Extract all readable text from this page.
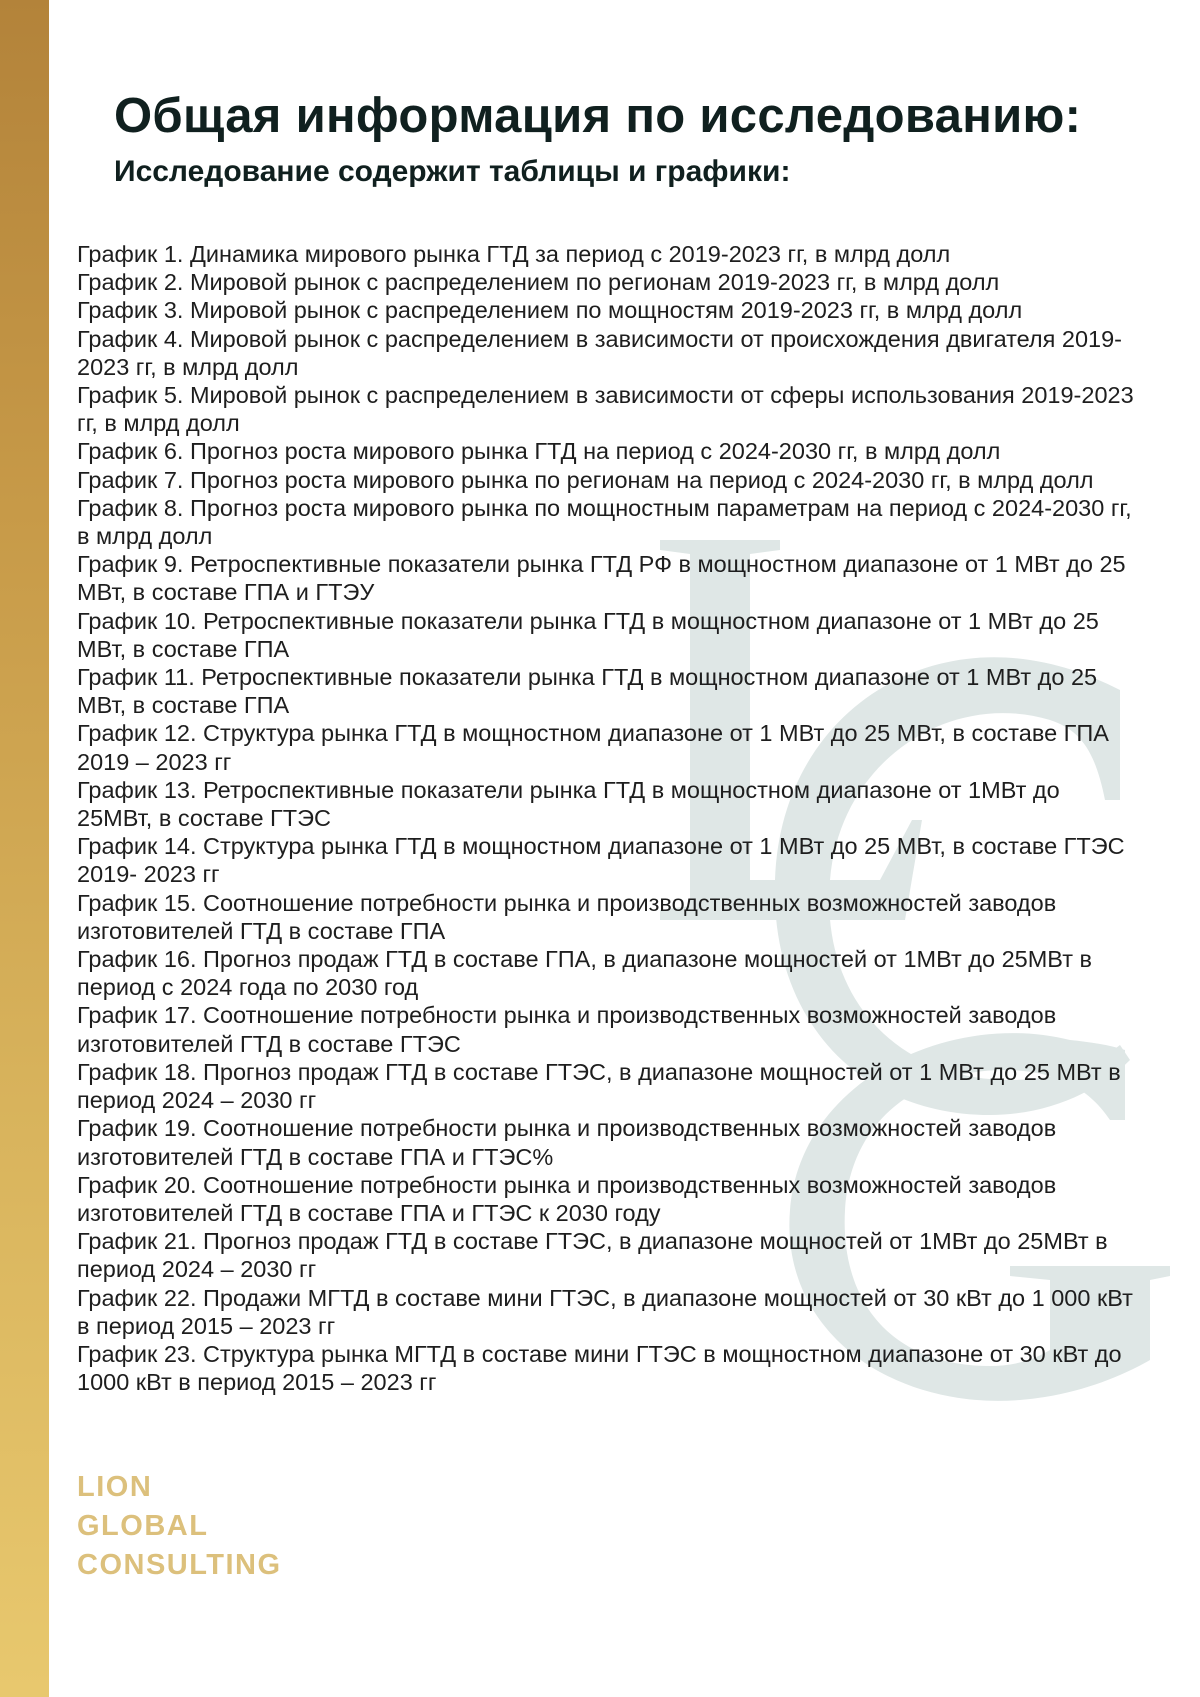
Общая информация по исследованию:
Исследование содержит таблицы и графики:
График 1. Динамика мирового рынка ГТД за период с 2019-2023 гг, в млрд долл
График 2. Мировой рынок с распределением по регионам 2019-2023 гг, в млрд долл
График 3. Мировой рынок с распределением по мощностям 2019-2023 гг, в млрд долл
График 4. Мировой рынок с распределением в зависимости от происхождения двигателя 2019-2023 гг, в млрд долл
График 5. Мировой рынок с распределением в зависимости от сферы использования 2019-2023 гг, в млрд долл
График 6. Прогноз роста мирового рынка ГТД на период с 2024-2030 гг, в млрд долл
График 7. Прогноз роста мирового рынка по регионам на период с 2024-2030 гг, в млрд долл
График 8. Прогноз роста мирового рынка по мощностным параметрам на период с 2024-2030 гг, в млрд долл
График 9. Ретроспективные показатели рынка ГТД РФ в мощностном диапазоне от 1 МВт до 25 МВт, в составе ГПА и ГТЭУ
График 10. Ретроспективные показатели рынка ГТД в мощностном диапазоне от 1 МВт до 25 МВт, в составе ГПА
График 11. Ретроспективные показатели рынка ГТД в мощностном диапазоне от 1 МВт до 25 МВт, в составе ГПА
График 12. Структура рынка ГТД в мощностном диапазоне от 1 МВт до 25 МВт, в составе ГПА 2019 – 2023 гг
График 13. Ретроспективные показатели рынка ГТД в мощностном диапазоне от 1МВт до 25МВт, в составе ГТЭС
График 14. Структура рынка ГТД в мощностном диапазоне от 1 МВт до 25 МВт, в составе ГТЭС 2019- 2023 гг
График 15. Соотношение потребности рынка и производственных возможностей заводов изготовителей ГТД в составе ГПА
График 16. Прогноз продаж ГТД в составе ГПА, в диапазоне мощностей от 1МВт до 25МВт в период с 2024 года по 2030 год
График 17. Соотношение потребности рынка и производственных возможностей заводов изготовителей ГТД в составе ГТЭС
График 18. Прогноз продаж ГТД в составе ГТЭС, в диапазоне мощностей от 1 МВт до 25 МВт в период 2024 – 2030 гг
График 19. Соотношение потребности рынка и производственных возможностей заводов изготовителей ГТД в составе ГПА и ГТЭС%
График 20. Соотношение потребности рынка и производственных возможностей заводов изготовителей ГТД в составе ГПА и ГТЭС к 2030 году
График 21. Прогноз продаж ГТД в составе ГТЭС, в диапазоне мощностей от 1МВт до 25МВт в период 2024 – 2030 гг
График 22. Продажи МГТД в составе мини ГТЭС, в диапазоне мощностей от 30 кВт до 1 000 кВт в период 2015 – 2023 гг
График 23. Структура рынка МГТД в составе мини ГТЭС в мощностном диапазоне от 30 кВт до 1000 кВт в период 2015 – 2023 гг
LION
GLOBAL
CONSULTING
